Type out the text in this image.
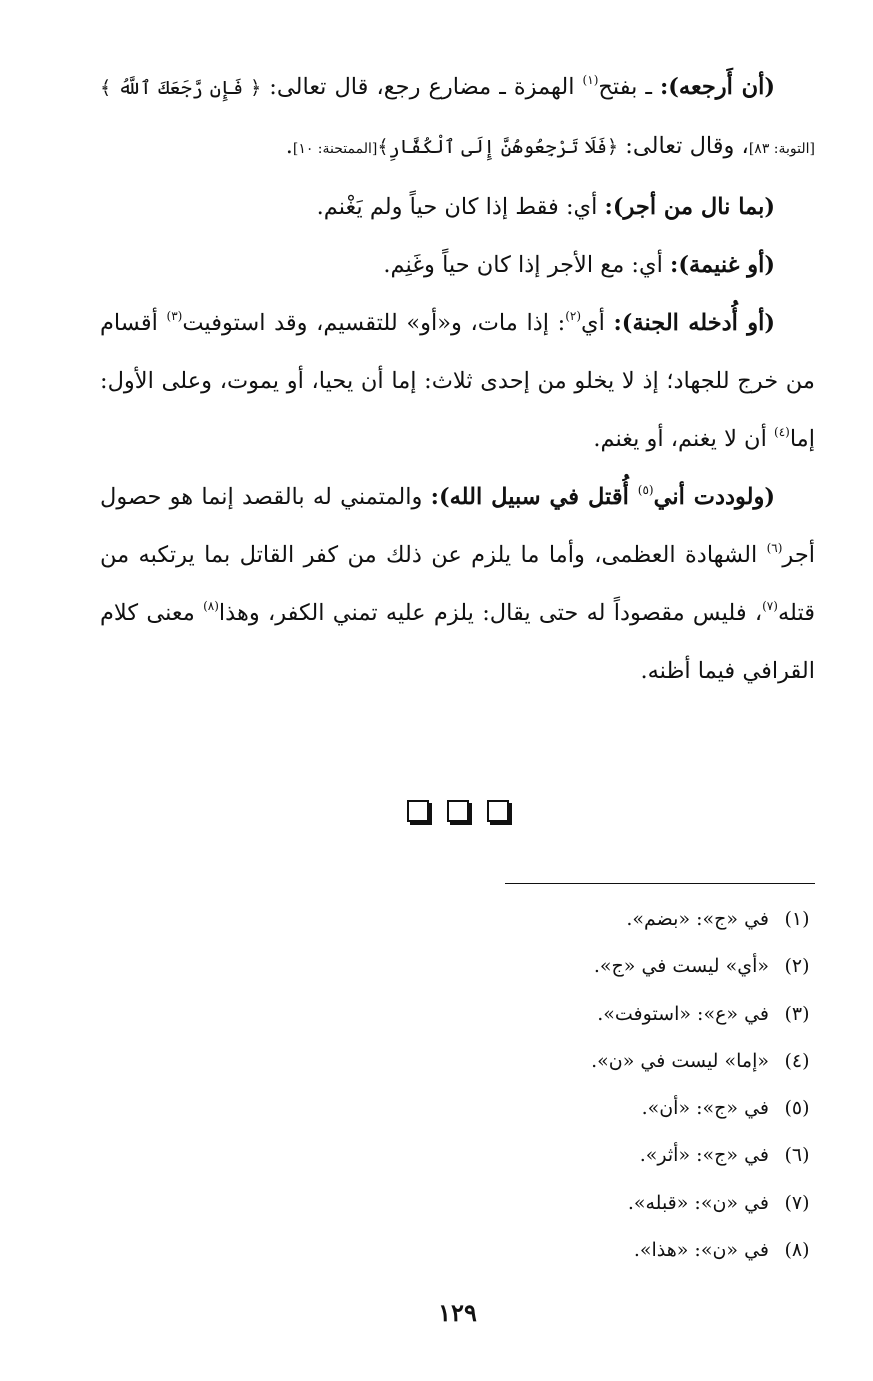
(أن أَرجعه): ـ بفتح$^{(١)}$ الهمزة ـ مضارع رجع، قال تعالى: ﴿ فَإِن رَّجَعَكَ ٱللَّهُ ﴾[التوبة: ٨٣]، وقال تعالى: ﴿فَلَا تَرْجِعُوهُنَّ إِلَى ٱلْكُفَّارِ﴾[الممتحنة: ١٠].

(بما نال من أجر): أي: فقط إذا كان حياً ولم يَغْنم.

(أو غنيمة): أي: مع الأجر إذا كان حياً وغَنِم.

(أو أُدخله الجنة): أي$^{(٢)}$: إذا مات، و«أو» للتقسيم، وقد استوفيت$^{(٣)}$ أقسام من خرج للجهاد؛ إذ لا يخلو من إحدى ثلاث: إما أن يحيا، أو يموت، وعلى الأول: إما$^{(٤)}$ أن لا يغنم، أو يغنم.

(ولوددت أني$^{(٥)}$ أُقتل في سبيل الله): والمتمني له بالقصد إنما هو حصول أجر$^{(٦)}$ الشهادة العظمى، وأما ما يلزم عن ذلك من كفر القاتل بما يرتكبه من قتله$^{(٧)}$، فليس مقصوداً له حتى يقال: يلزم عليه تمني الكفر، وهذا$^{(٨)}$ معنى كلام القرافي فيما أظنه.

(١)في «ج»: «بضم».
(٢)«أي» ليست في «ج».
(٣)في «ع»: «استوفت».
(٤)«إما» ليست في «ن».
(٥)في «ج»: «أن».
(٦)في «ج»: «أثر».
(٧)في «ن»: «قبله».
(٨)في «ن»: «هذا».
١٢٩
